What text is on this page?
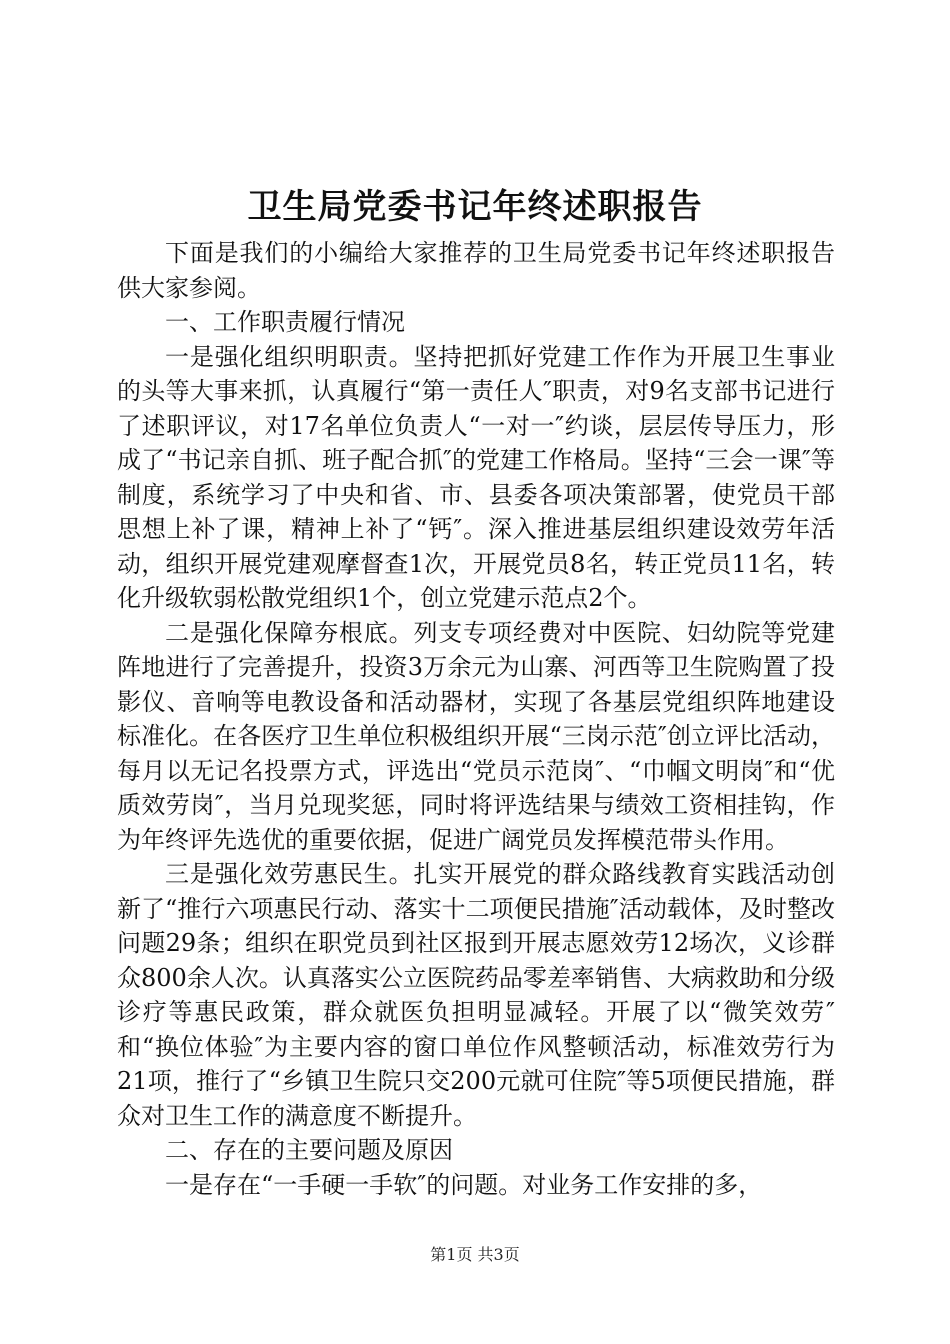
卫生局党委书记年终述职报告

下面是我们的小编给大家推荐的卫生局党委书记年终述职报告供大家参阅。

一、工作职责履行情况

一是强化组织明职责。坚持把抓好党建工作作为开展卫生事业的头等大事来抓，认真履行“第一责任人″职责，对9名支部书记进行了述职评议，对17名单位负责人“一对一″约谈，层层传导压力，形成了“书记亲自抓、班子配合抓″的党建工作格局。坚持“三会一课″等制度，系统学习了中央和省、市、县委各项决策部署，使党员干部思想上补了课，精神上补了“钙″。深入推进基层组织建设效劳年活动，组织开展党建观摩督查1次，开展党员8名，转正党员11名，转化升级软弱松散党组织1个，创立党建示范点2个。

二是强化保障夯根底。列支专项经费对中医院、妇幼院等党建阵地进行了完善提升，投资3万余元为山寨、河西等卫生院购置了投影仪、音响等电教设备和活动器材，实现了各基层党组织阵地建设标准化。在各医疗卫生单位积极组织开展“三岗示范″创立评比活动，每月以无记名投票方式，评选出“党员示范岗″、“巾帼文明岗″和“优质效劳岗″，当月兑现奖惩，同时将评选结果与绩效工资相挂钩，作为年终评先选优的重要依据，促进广阔党员发挥模范带头作用。

三是强化效劳惠民生。扎实开展党的群众路线教育实践活动创新了“推行六项惠民行动、落实十二项便民措施″活动载体，及时整改问题29条；组织在职党员到社区报到开展志愿效劳12场次，义诊群众800余人次。认真落实公立医院药品零差率销售、大病救助和分级诊疗等惠民政策，群众就医负担明显减轻。开展了以“微笑效劳″和“换位体验″为主要内容的窗口单位作风整顿活动，标准效劳行为21项，推行了“乡镇卫生院只交200元就可住院″等5项便民措施，群众对卫生工作的满意度不断提升。

二、存在的主要问题及原因

一是存在“一手硬一手软″的问题。对业务工作安排的多，

第1页 共3页
